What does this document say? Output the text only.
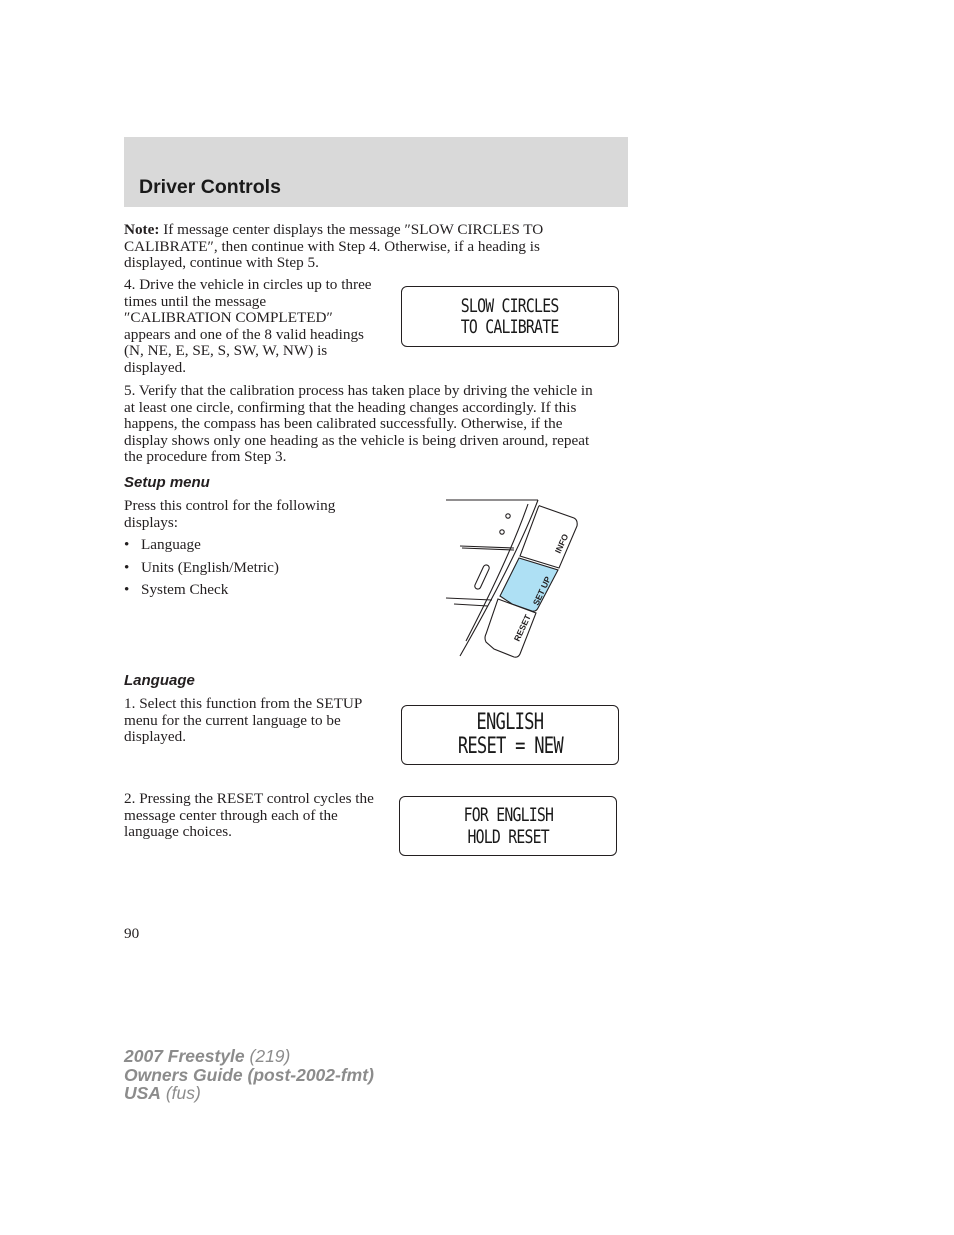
Driver Controls

Note: If message center displays the message ″SLOW CIRCLES TO CALIBRATE″, then continue with Step 4. Otherwise, if a heading is displayed, continue with Step 5.

4. Drive the vehicle in circles up to three times until the message ″CALIBRATION COMPLETED″ appears and one of the 8 valid headings (N, NE, E, SE, S, SW, W, NW) is displayed.

SLOW CIRCLES
TO CALIBRATE

5. Verify that the calibration process has taken place by driving the vehicle in at least one circle, confirming that the heading changes accordingly. If this happens, the compass has been calibrated successfully. Otherwise, if the display shows only one heading as the vehicle is being driven around, repeat the procedure from Step 3.

Setup menu

Press this control for the following displays:

• Language
• Units (English/Metric)
• System Check
INFO
SET UP
RESET
Language

1. Select this function from the SETUP menu for the current language to be displayed.

ENGLISH
RESET = NEW

2. Pressing the RESET control cycles the message center through each of the language choices.

FOR ENGLISH
HOLD RESET
90
2007 Freestyle (219)
Owners Guide (post-2002-fmt)
USA (fus)
